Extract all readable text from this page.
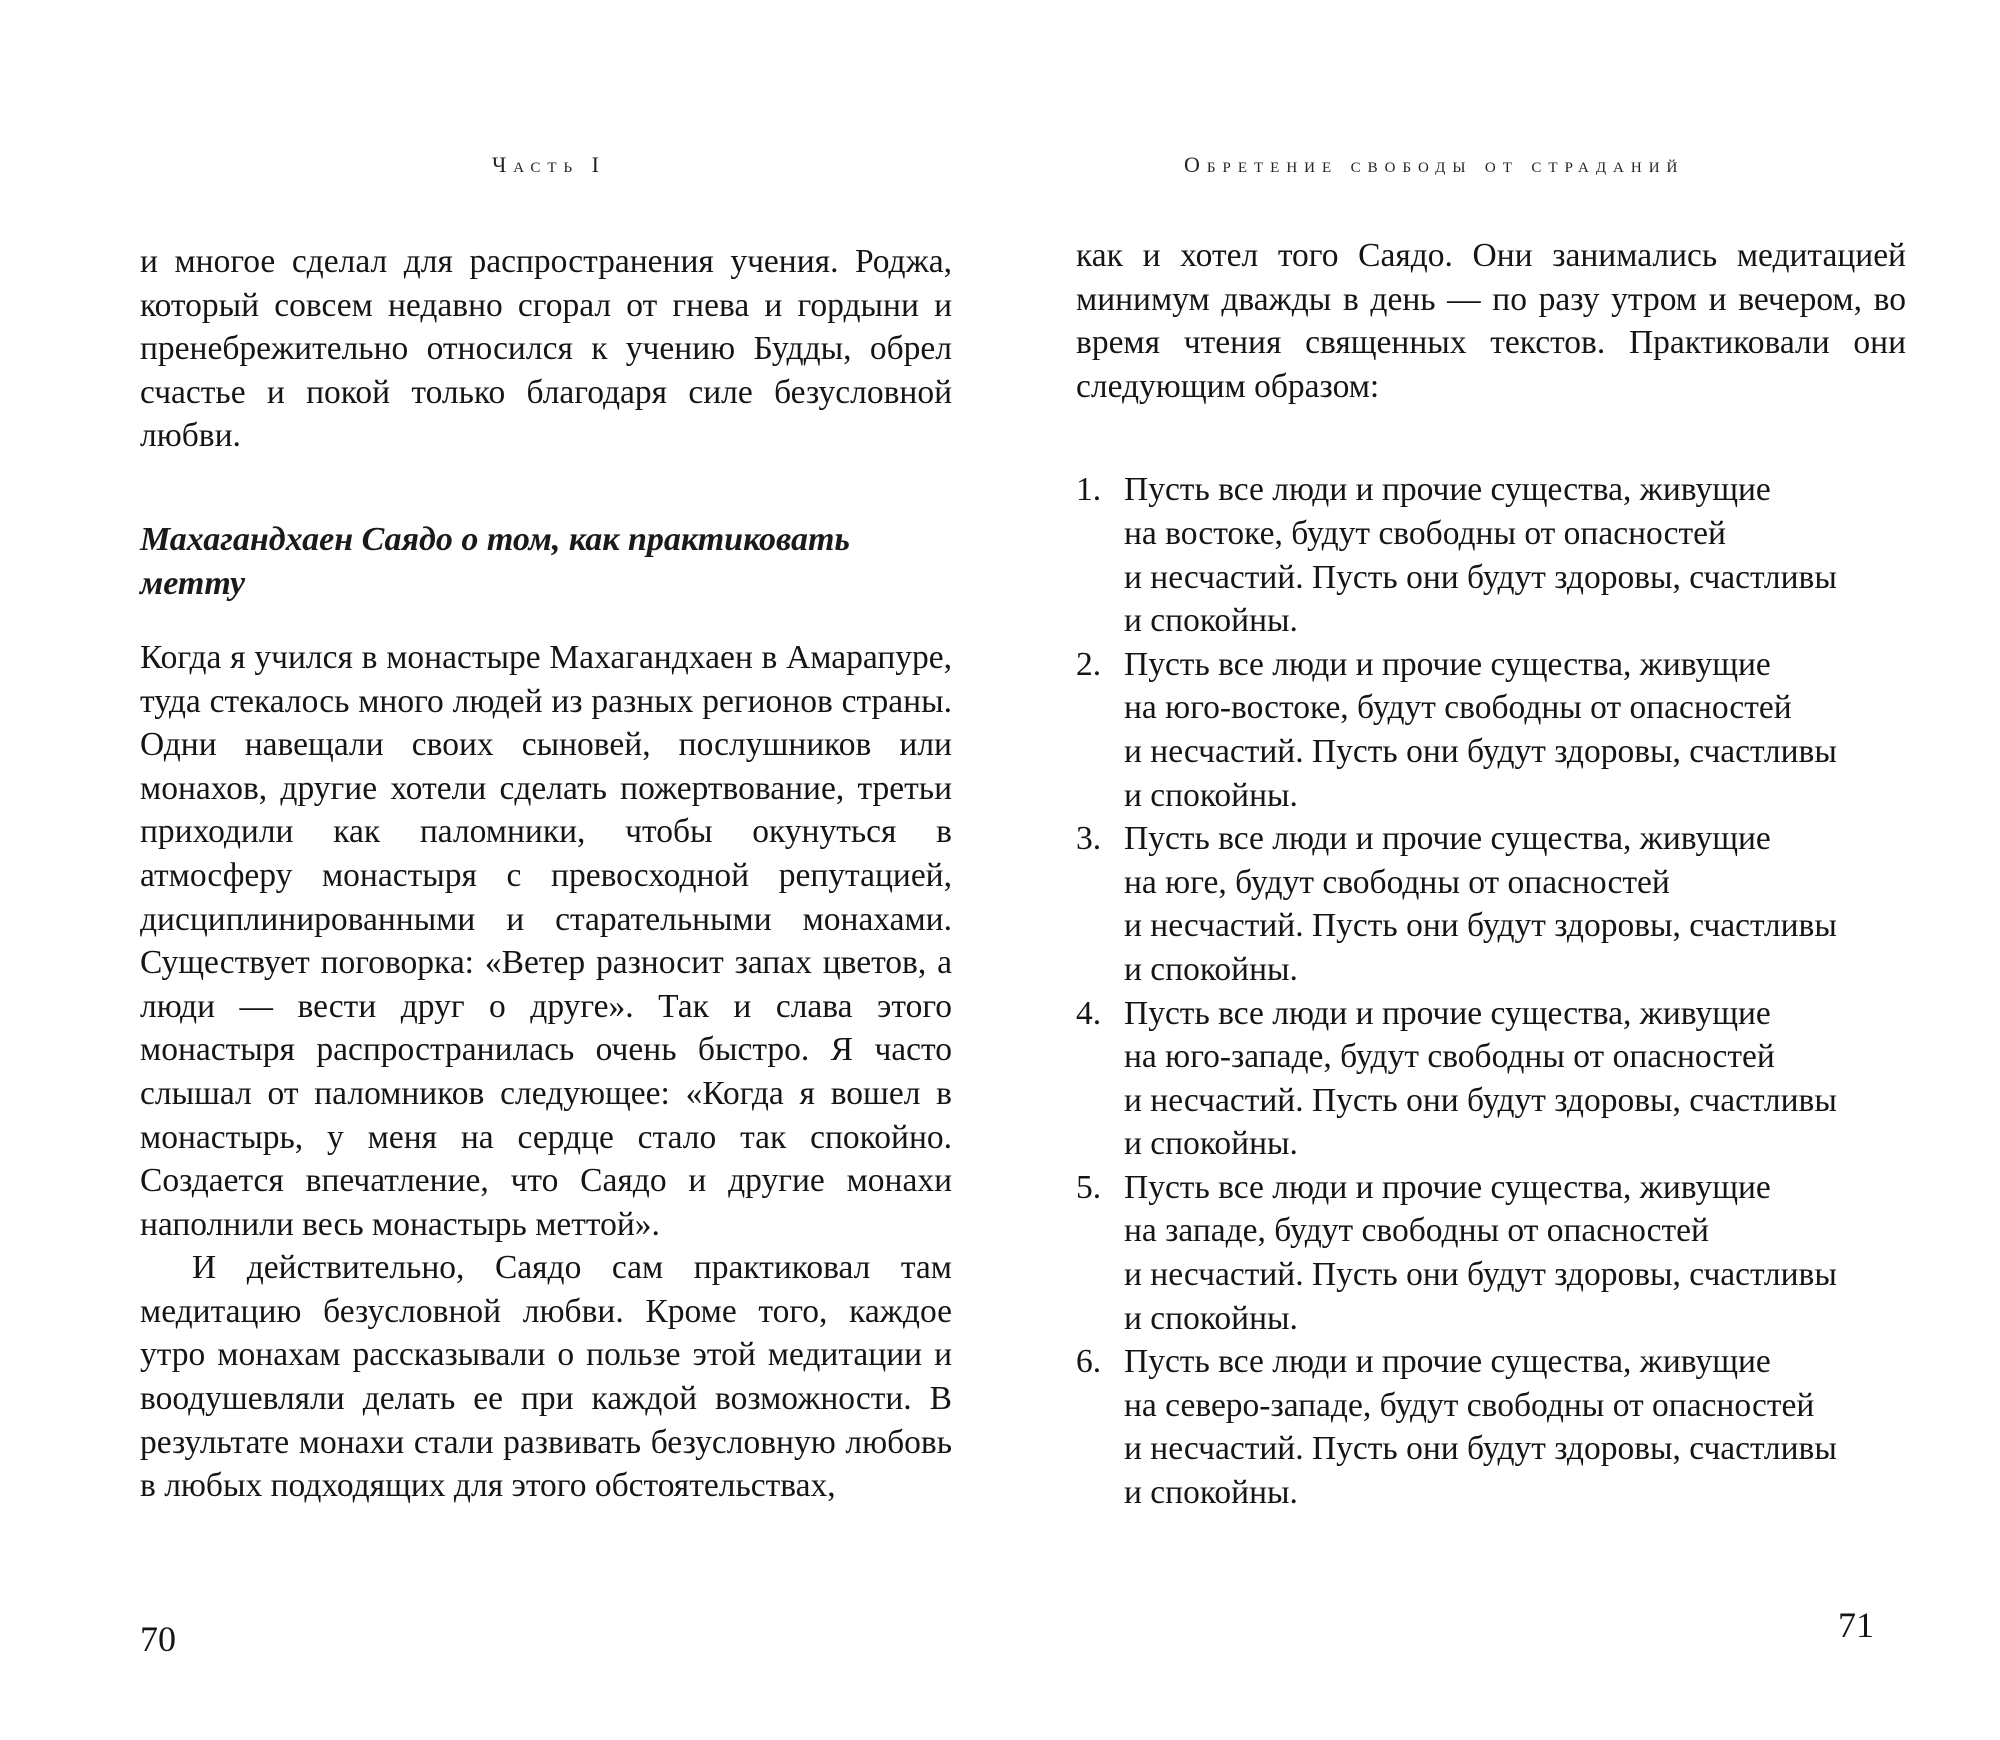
Часть I

и многое сделал для распространения учения. Роджа, который совсем недавно сгорал от гнева и гордыни и пренебрежительно относился к учению Будды, обрел счастье и покой только благодаря силе безусловной любви.

Махагандхаен Саядо о том, как практиковать метту

Когда я учился в монастыре Махагандхаен в Амарапуре, туда стекалось много людей из разных регионов страны. Одни навещали своих сыновей, послушников или монахов, другие хотели сделать пожертвование, третьи приходили как паломники, чтобы окунуться в атмосферу монастыря с превосходной репутацией, дисциплинированными и старательными монахами. Существует поговорка: «Ветер разносит запах цветов, а люди — вести друг о друге». Так и слава этого монастыря распространилась очень быстро. Я часто слышал от паломников следующее: «Когда я вошел в монастырь, у меня на сердце стало так спокойно. Создается впечатление, что Саядо и другие монахи наполнили весь монастырь меттой».

И действительно, Саядо сам практиковал там медитацию безусловной любви. Кроме того, каждое утро монахам рассказывали о пользе этой медитации и воодушевляли делать ее при каждой возможности. В результате монахи стали развивать безусловную любовь в любых подходящих для этого обстоятельствах,

70
Обретение свободы от страданий

как и хотел того Саядо. Они занимались медитацией минимум дважды в день — по разу утром и вечером, во время чтения священных текстов. Практиковали они следующим образом:

1. Пусть все люди и прочие существа, живущие
на востоке, будут свободны от опасностей
и несчастий. Пусть они будут здоровы, счастливы
и спокойны.
2. Пусть все люди и прочие существа, живущие
на юго-востоке, будут свободны от опасностей
и несчастий. Пусть они будут здоровы, счастливы
и спокойны.
3. Пусть все люди и прочие существа, живущие
на юге, будут свободны от опасностей
и несчастий. Пусть они будут здоровы, счастливы
и спокойны.
4. Пусть все люди и прочие существа, живущие
на юго-западе, будут свободны от опасностей
и несчастий. Пусть они будут здоровы, счастливы
и спокойны.
5. Пусть все люди и прочие существа, живущие
на западе, будут свободны от опасностей
и несчастий. Пусть они будут здоровы, счастливы
и спокойны.
6. Пусть все люди и прочие существа, живущие
на северо-западе, будут свободны от опасностей
и несчастий. Пусть они будут здоровы, счастливы
и спокойны.
71
